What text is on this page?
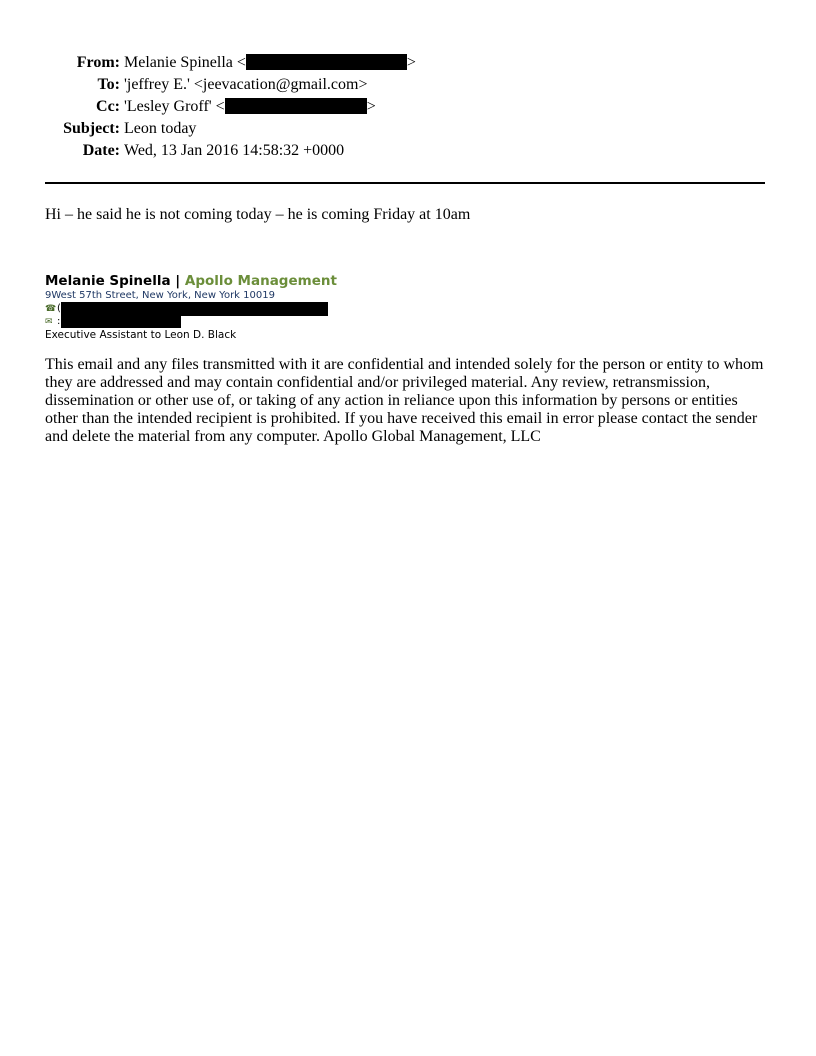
From:	Melanie Spinella < >
To:	'jeffrey E.' <jeevacation@gmail.com>
Cc:	'Lesley Groff' < >
Subject:	Leon today
Date:	Wed, 13 Jan 2016 14:58:32 +0000
Hi – he said he is not coming today – he is coming Friday at 10am
Melanie Spinella | Apollo Management
9West 57th Street, New York, New York 10019
☎(
✉ :
Executive Assistant to Leon D. Black
This email and any files transmitted with it are confidential and intended solely for the person or entity to whom they are addressed and may contain confidential and/or privileged material. Any review, retransmission, dissemination or other use of, or taking of any action in reliance upon this information by persons or entities other than the intended recipient is prohibited. If you have received this email in error please contact the sender and delete the material from any computer. Apollo Global Management, LLC
